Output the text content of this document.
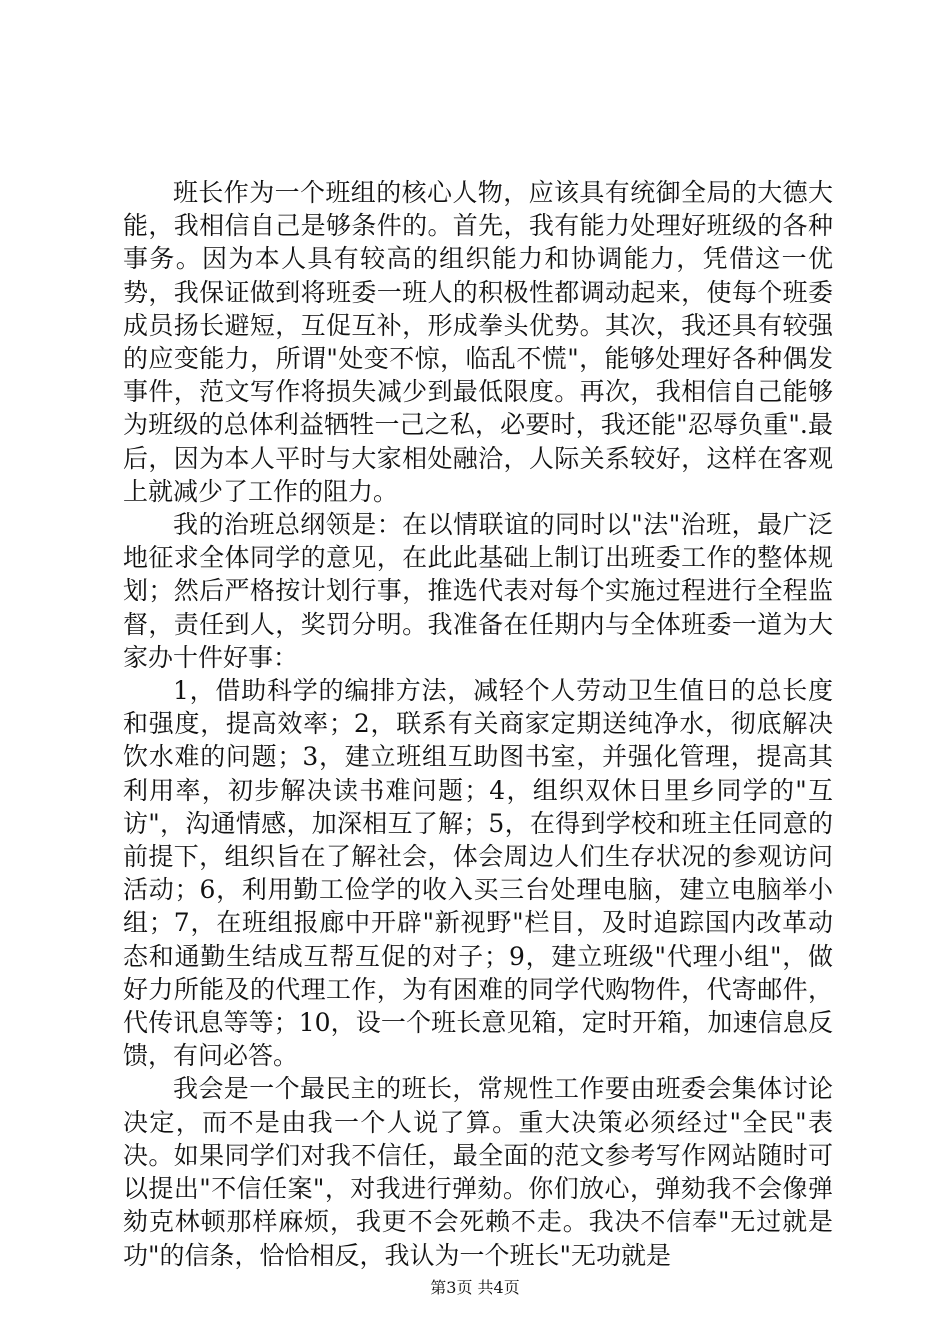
班长作为一个班组的核心人物，应该具有统御全局的大德大能，我相信自己是够条件的。首先，我有能力处理好班级的各种事务。因为本人具有较高的组织能力和协调能力，凭借这一优势，我保证做到将班委一班人的积极性都调动起来，使每个班委成员扬长避短，互促互补，形成拳头优势。其次，我还具有较强的应变能力，所谓"处变不惊，临乱不慌"，能够处理好各种偶发事件，范文写作将损失减少到最低限度。再次，我相信自己能够为班级的总体利益牺牲一己之私，必要时，我还能"忍辱负重".最后，因为本人平时与大家相处融洽，人际关系较好，这样在客观上就减少了工作的阻力。

我的治班总纲领是：在以情联谊的同时以"法"治班，最广泛地征求全体同学的意见，在此此基础上制订出班委工作的整体规划；然后严格按计划行事，推选代表对每个实施过程进行全程监督，责任到人，奖罚分明。我准备在任期内与全体班委一道为大家办十件好事：

1，借助科学的编排方法，减轻个人劳动卫生值日的总长度和强度，提高效率；2，联系有关商家定期送纯净水，彻底解决饮水难的问题；3，建立班组互助图书室，并强化管理，提高其利用率，初步解决读书难问题；4，组织双休日里乡同学的"互访"，沟通情感，加深相互了解；5，在得到学校和班主任同意的前提下，组织旨在了解社会，体会周边人们生存状况的参观访问活动；6，利用勤工俭学的收入买三台处理电脑，建立电脑举小组；7，在班组报廊中开辟"新视野"栏目，及时追踪国内改革动态和通勤生结成互帮互促的对子；9，建立班级"代理小组"，做好力所能及的代理工作，为有困难的同学代购物件，代寄邮件，代传讯息等等；10，设一个班长意见箱，定时开箱，加速信息反馈，有问必答。

我会是一个最民主的班长，常规性工作要由班委会集体讨论决定，而不是由我一个人说了算。重大决策必须经过"全民"表决。如果同学们对我不信任，最全面的范文参考写作网站随时可以提出"不信任案"，对我进行弹劾。你们放心，弹劾我不会像弹劾克林顿那样麻烦，我更不会死赖不走。我决不信奉"无过就是功"的信条，恰恰相反，我认为一个班长"无功就是

第3页 共4页
